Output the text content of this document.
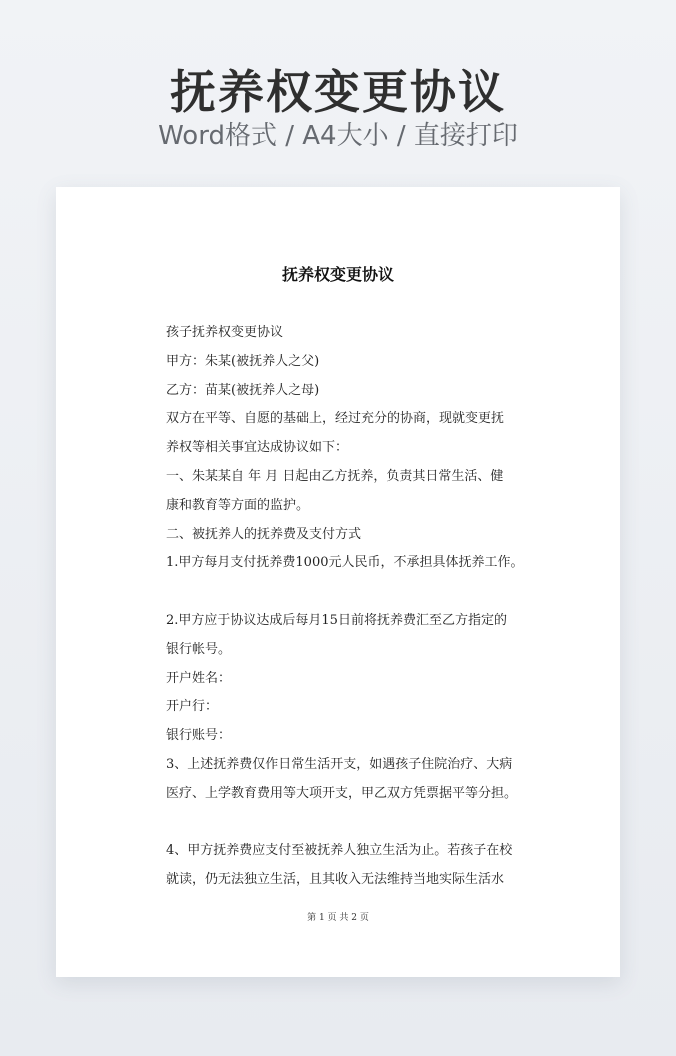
抚养权变更协议
Word格式 / A4大小 / 直接打印
抚养权变更协议
孩子抚养权变更协议
甲方：朱某(被抚养人之父)
乙方：苗某(被抚养人之母)
双方在平等、自愿的基础上，经过充分的协商，现就变更抚
养权等相关事宜达成协议如下：
一、朱某某自 年 月 日起由乙方抚养，负责其日常生活、健
康和教育等方面的监护。
二、被抚养人的抚养费及支付方式
1.甲方每月支付抚养费1000元人民币，不承担具体抚养工作。
2.甲方应于协议达成后每月15日前将抚养费汇至乙方指定的
银行帐号。
开户姓名：
开户行：
银行账号：
3、上述抚养费仅作日常生活开支，如遇孩子住院治疗、大病
医疗、上学教育费用等大项开支，甲乙双方凭票据平等分担。
4、甲方抚养费应支付至被抚养人独立生活为止。若孩子在校
就读，仍无法独立生活，且其收入无法维持当地实际生活水
第 1 页 共 2 页
